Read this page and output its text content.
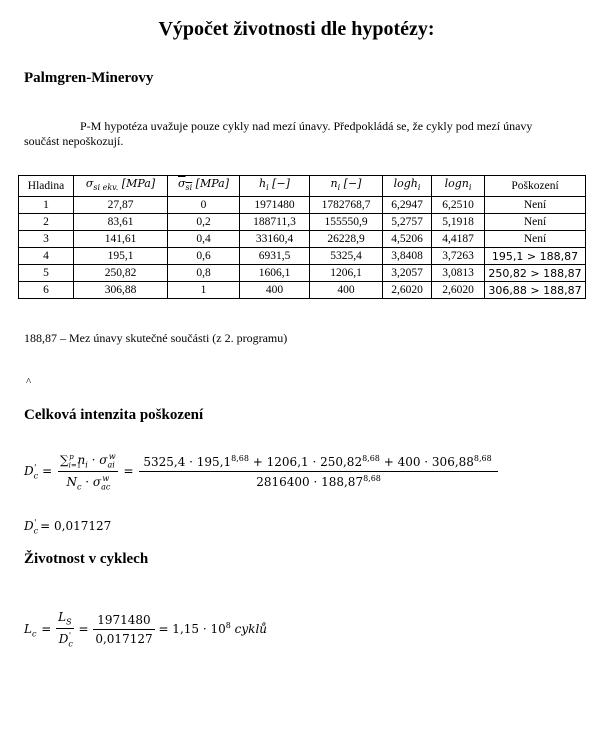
Výpočet životnosti dle hypotézy:
Palmgren-Minerovy
P-M hypotéza uvažuje pouze cykly nad mezí únavy. Předpokládá se, že cykly pod mezí únavy součást nepoškozují.
Hladina	$\sigma_{si ekv.}$ [MPa]	$\sigma_{si}$ [MPa]	$h_i$ [−]	$n_i$ [−]	logh$_i$	logn$_i$	Poškození
1	27,87	0	1971480	1782768,7	6,2947	6,2510	Není
2	83,61	0,2	188711,3	155550,9	5,2757	5,1918	Není
3	141,61	0,4	33160,4	26228,9	4,5206	4,4187	Není
4	195,1	0,6	6931,5	5325,4	3,8408	3,7263	195,1 > 188,87
5	250,82	0,8	1606,1	1206,1	3,2057	3,0813	250,82 > 188,87
6	306,88	1	400	400	2,6020	2,6020	306,88 > 188,87
188,87 – Mez únavy skutečné součásti (z 2. programu)
^
Celková intenzita poškození
$D_c' = \frac{\sum_{i=1}^p n_i \cdot \sigma_{ai}^w}{N_c \cdot \sigma_{ac}^w} = \frac{5325,4 \cdot 195,1^{8,68} + 1206,1 \cdot 250,82^{8,68} + 400 \cdot 306,88^{8,68}}{2816400 \cdot 188,87^{8,68}}$
$D_c' = 0,017127$
Životnost v cyklech
$L_c = \frac{L_S}{D_c'} = \frac{1971480}{0,017127} = 1,15 \cdot 10^8$ cyklů
